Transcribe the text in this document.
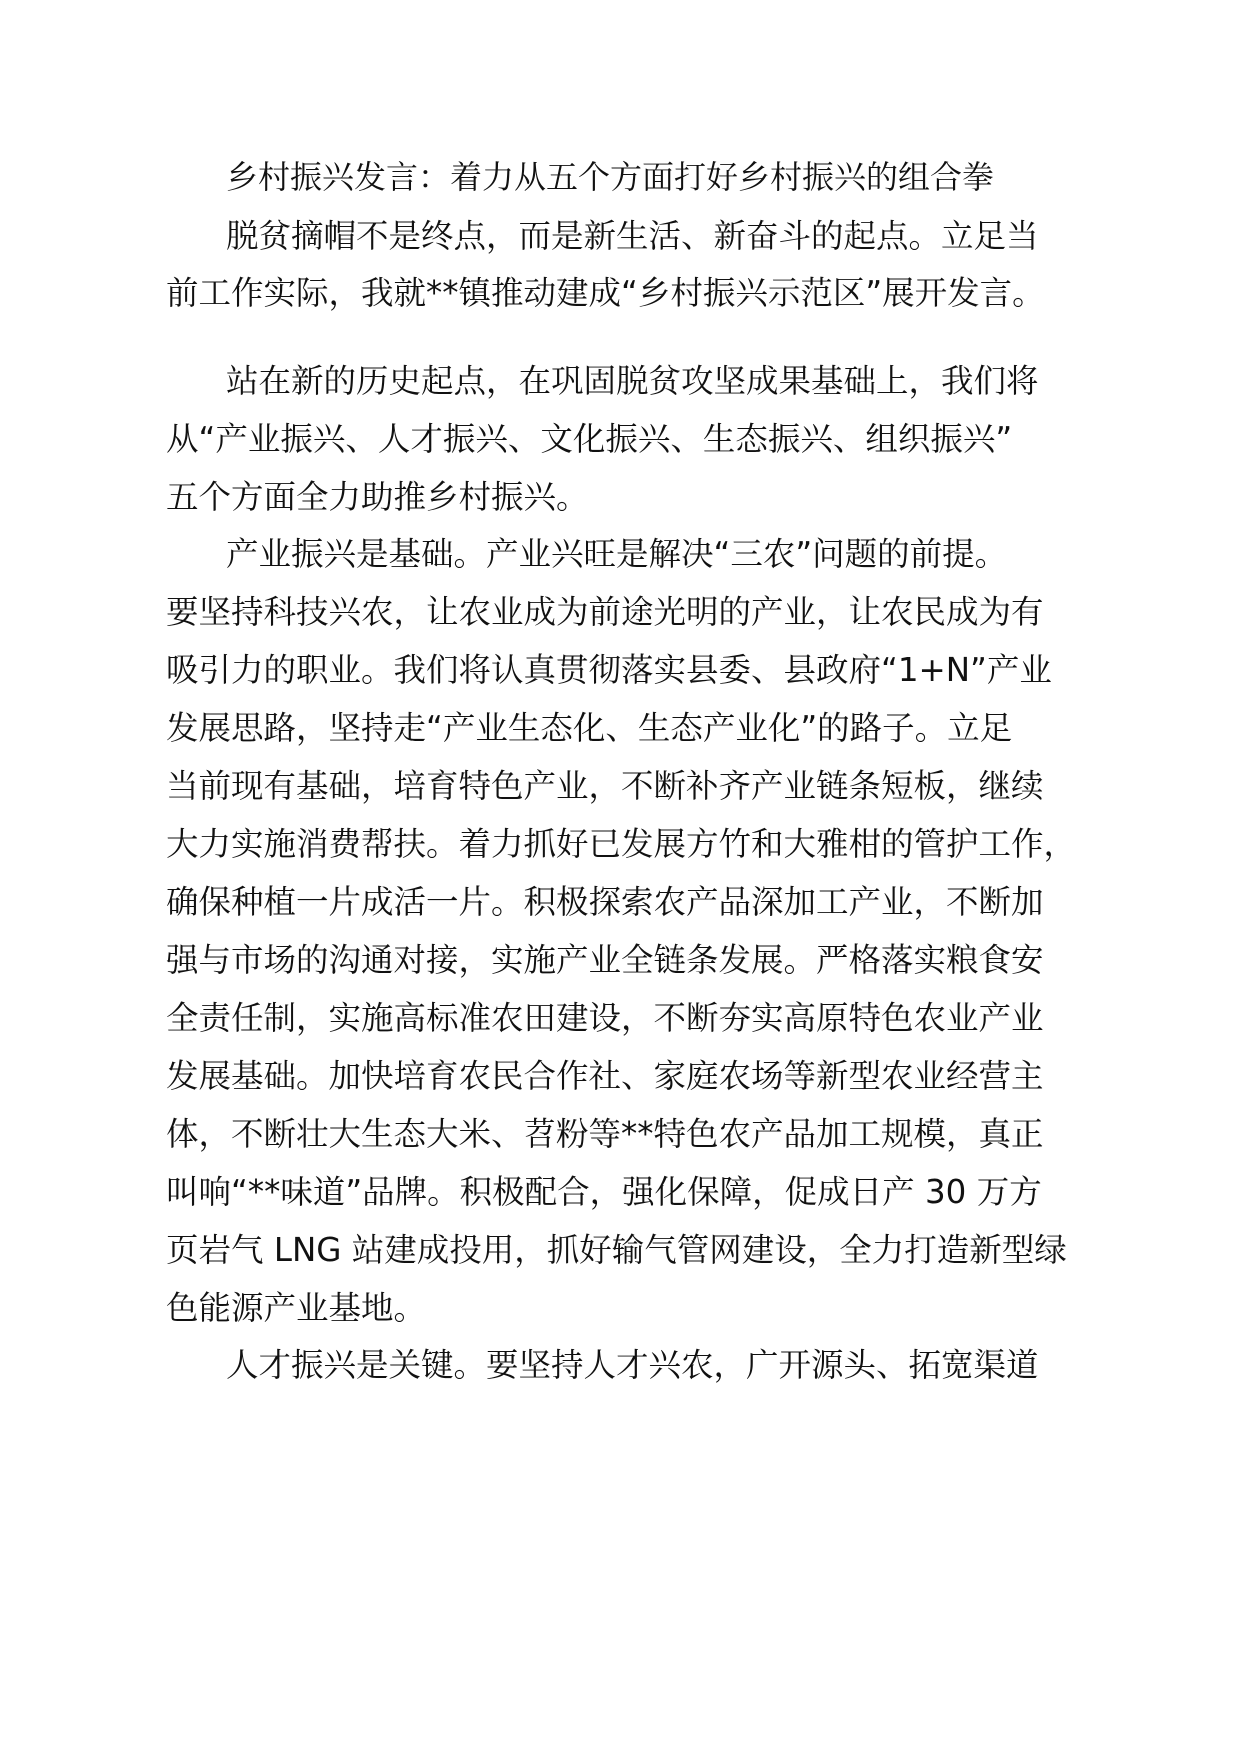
乡村振兴发言：着力从五个方面打好乡村振兴的组合拳
脱贫摘帽不是终点，而是新生活、新奋斗的起点。立足当
前工作实际，我就**镇推动建成“乡村振兴示范区”展开发言。
站在新的历史起点，在巩固脱贫攻坚成果基础上，我们将
从“产业振兴、人才振兴、文化振兴、生态振兴、组织振兴”
五个方面全力助推乡村振兴。
产业振兴是基础。产业兴旺是解决“三农”问题的前提。
要坚持科技兴农，让农业成为前途光明的产业，让农民成为有
吸引力的职业。我们将认真贯彻落实县委、县政府“1+N”产业
发展思路，坚持走“产业生态化、生态产业化”的路子。立足
当前现有基础，培育特色产业，不断补齐产业链条短板，继续
大力实施消费帮扶。着力抓好已发展方竹和大雅柑的管护工作，
确保种植一片成活一片。积极探索农产品深加工产业，不断加
强与市场的沟通对接，实施产业全链条发展。严格落实粮食安
全责任制，实施高标准农田建设，不断夯实高原特色农业产业
发展基础。加快培育农民合作社、家庭农场等新型农业经营主
体，不断壮大生态大米、苕粉等**特色农产品加工规模，真正
叫响“**味道”品牌。积极配合，强化保障，促成日产 30 万方
页岩气 LNG 站建成投用，抓好输气管网建设，全力打造新型绿
色能源产业基地。
人才振兴是关键。要坚持人才兴农，广开源头、拓宽渠道
